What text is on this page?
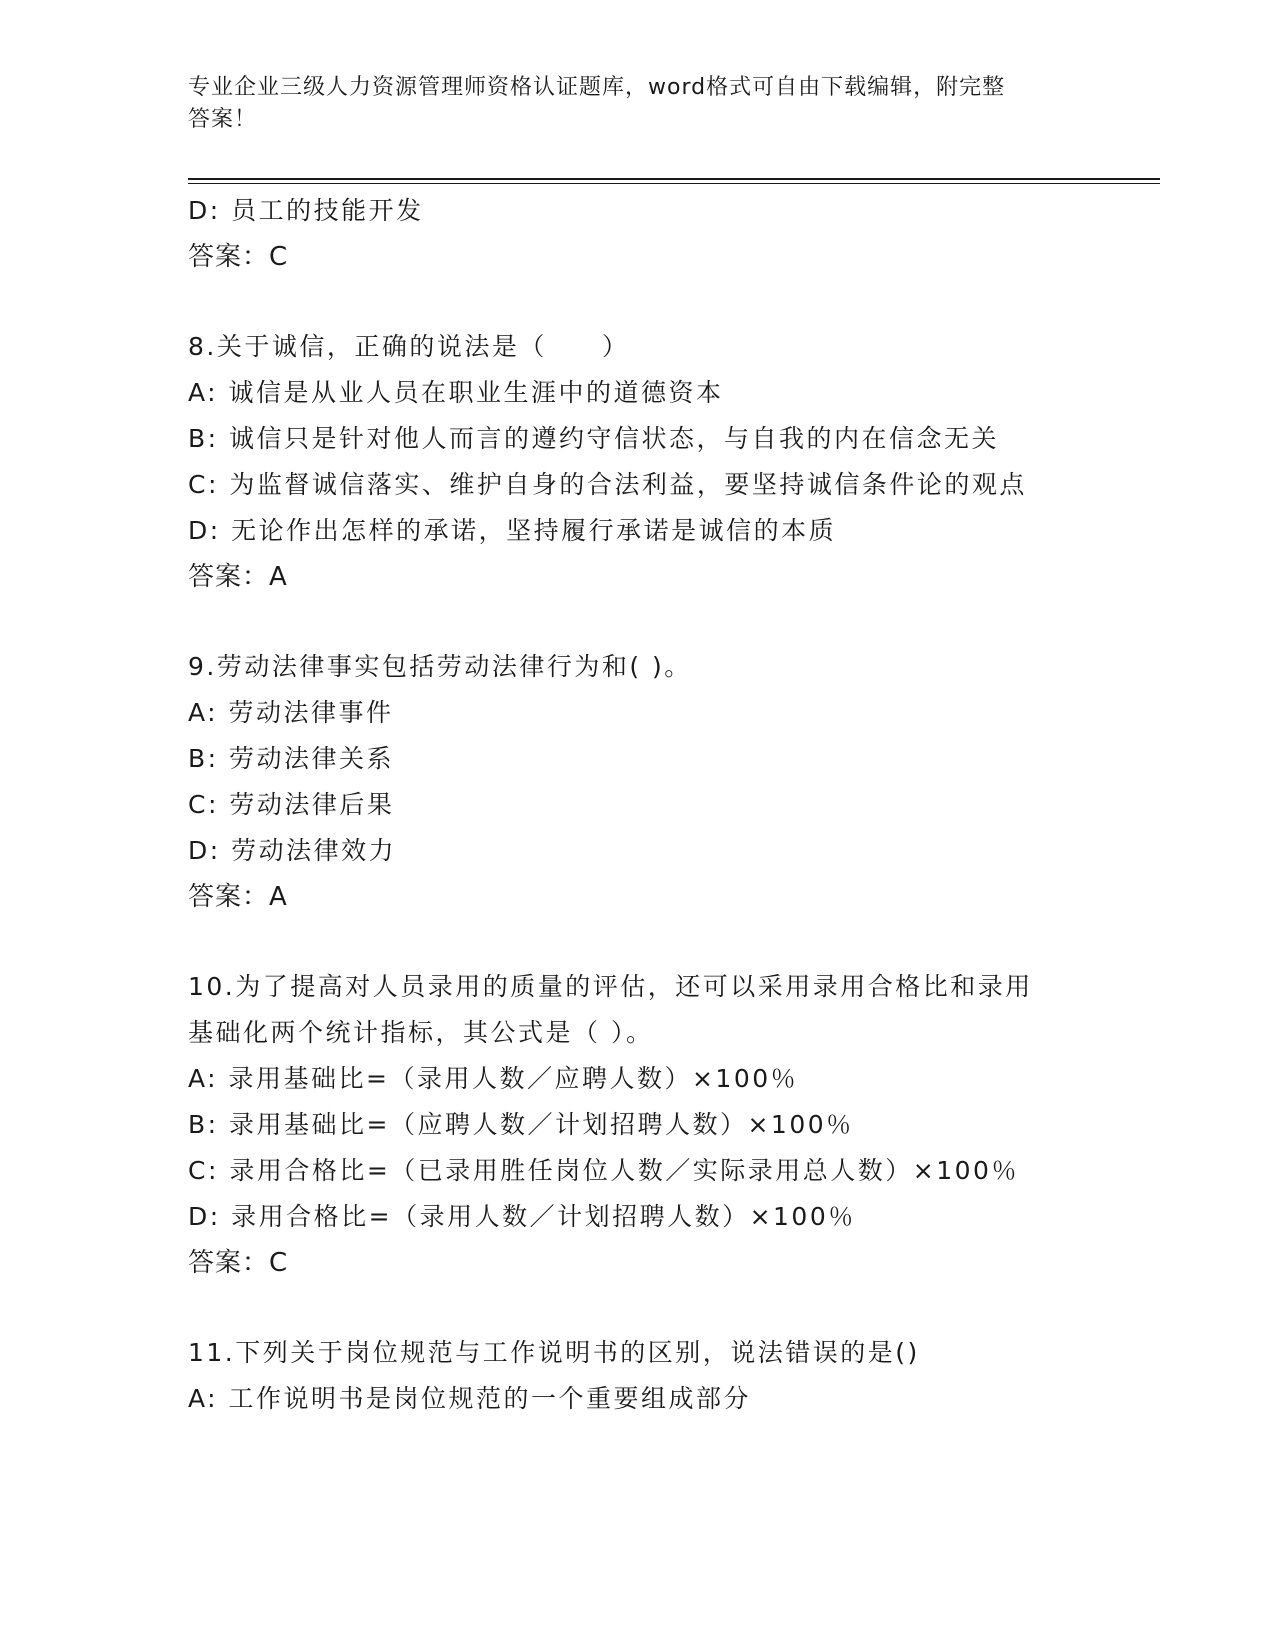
专业企业三级人力资源管理师资格认证题库，word格式可自由下载编辑，附完整
答案！
D: 员工的技能开发
答案：C
8.关于诚信，正确的说法是（　　）
A: 诚信是从业人员在职业生涯中的道德资本
B: 诚信只是针对他人而言的遵约守信状态，与自我的内在信念无关
C: 为监督诚信落实、维护自身的合法利益，要坚持诚信条件论的观点
D: 无论作出怎样的承诺，坚持履行承诺是诚信的本质
答案：A
9.劳动法律事实包括劳动法律行为和( )。
A: 劳动法律事件
B: 劳动法律关系
C: 劳动法律后果
D: 劳动法律效力
答案：A
10.为了提高对人员录用的质量的评估，还可以采用录用合格比和录用
基础化两个统计指标，其公式是（ ）。
A: 录用基础比=（录用人数／应聘人数）×100％
B: 录用基础比=（应聘人数／计划招聘人数）×100％
C: 录用合格比=（已录用胜任岗位人数／实际录用总人数）×100％
D: 录用合格比=（录用人数／计划招聘人数）×100％
答案：C
11.下列关于岗位规范与工作说明书的区别，说法错误的是()
A: 工作说明书是岗位规范的一个重要组成部分
